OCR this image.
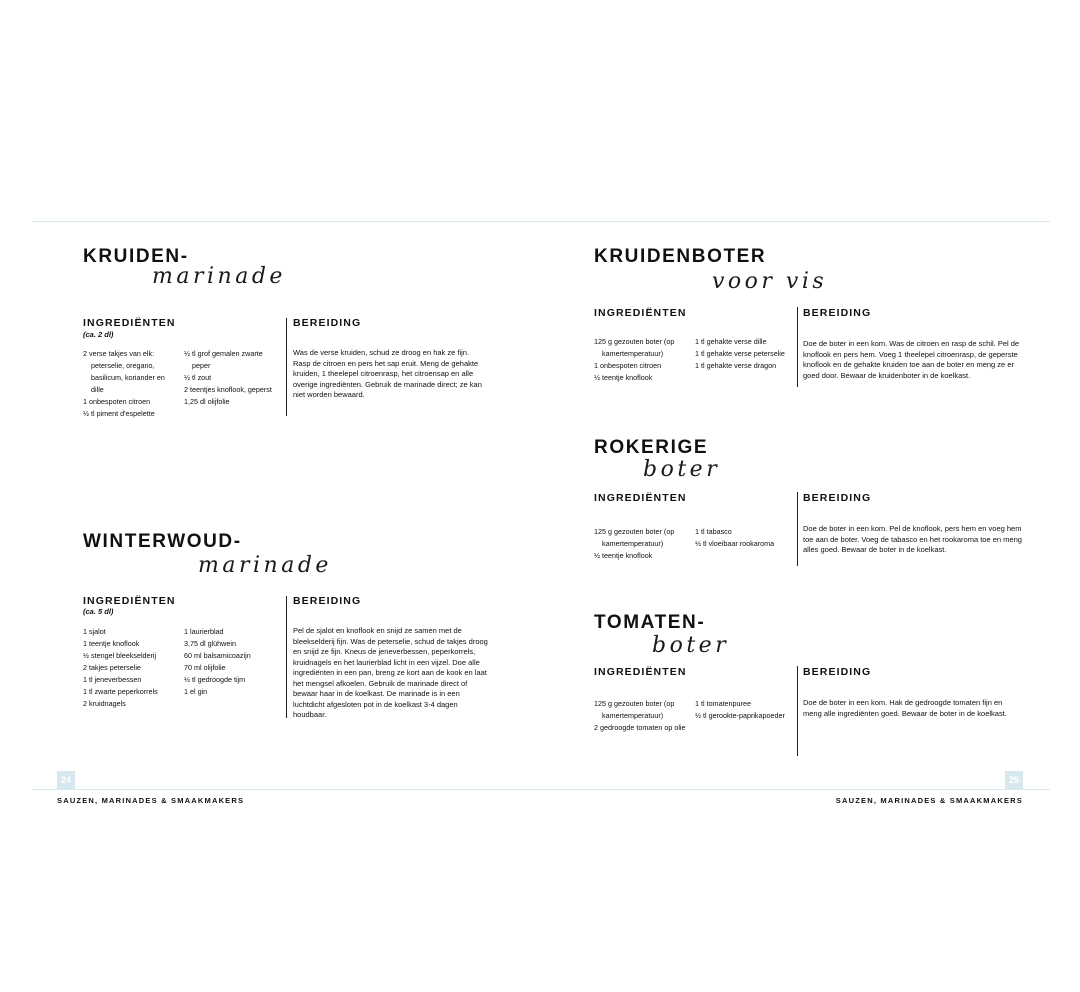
KRUIDEN-
marinade
INGREDIËNTEN
(ca. 2 dl)
2 verse takjes van elk: peterselie, oregano, basilicum, koriander en dille
1 onbespoten citroen
½ tl piment d'espelette
½ tl grof gemalen zwarte peper
½ tl zout
2 teentjes knoflook, geperst
1,25 dl olijfolie
BEREIDING

Was de verse kruiden, schud ze droog en hak ze fijn. Rasp de citroen en pers het sap eruit. Meng de gehakte kruiden, 1 theelepel citroenrasp, het citroensap en alle overige ingrediënten. Gebruik de marinade direct; ze kan niet worden bewaard.

WINTERWOUD-
marinade
INGREDIËNTEN
(ca. 5 dl)
1 sjalot
1 teentje knoflook
½ stengel bleekselderij
2 takjes peterselie
1 tl jeneverbessen
1 tl zwarte peperkorrels
2 kruidnagels
1 laurierblad
3,75 dl glühwein
60 ml balsamicoazijn
70 ml olijfolie
½ tl gedroogde tijm
1 el gin
BEREIDING

Pel de sjalot en knoflook en snijd ze samen met de bleekselderij fijn. Was de peterselie, schud de takjes droog en snijd ze fijn. Kneus de jeneverbessen, peperkorrels, kruidnagels en het laurierblad licht in een vijzel. Doe alle ingrediënten in een pan, breng ze kort aan de kook en laat het mengsel afkoelen. Gebruik de marinade direct of bewaar haar in de koelkast. De marinade is in een luchtdicht afgesloten pot in de koelkast 3-4 dagen houdbaar.

KRUIDENBOTER
voor vis
INGREDIËNTEN
125 g gezouten boter (op kamertemperatuur)
1 onbespoten citroen
½ teentje knoflook
1 tl gehakte verse dille
1 tl gehakte verse peterselie
1 tl gehakte verse dragon
BEREIDING

Doe de boter in een kom. Was de citroen en rasp de schil. Pel de knoflook en pers hem. Voeg 1 theelepel citroenrasp, de geperste knoflook en de gehakte kruiden toe aan de boter en meng ze er goed door. Bewaar de kruidenboter in de koelkast.

ROKERIGE
boter
INGREDIËNTEN
125 g gezouten boter (op kamertemperatuur)
½ teentje knoflook
1 tl tabasco
½ tl vloeibaar rookaroma
BEREIDING

Doe de boter in een kom. Pel de knoflook, pers hem en voeg hem toe aan de boter. Voeg de tabasco en het rookaroma toe en meng alles goed. Bewaar de boter in de koelkast.

TOMATEN-
boter
INGREDIËNTEN
125 g gezouten boter (op kamertemperatuur)
2 gedroogde tomaten op olie
1 tl tomatenpuree
½ tl gerookte-paprikapoeder
BEREIDING

Doe de boter in een kom. Hak de gedroogde tomaten fijn en meng alle ingrediënten goed. Bewaar de boter in de koelkast.

24	25
SAUZEN, MARINADES & SMAAKMAKERS	SAUZEN, MARINADES & SMAAKMAKERS
